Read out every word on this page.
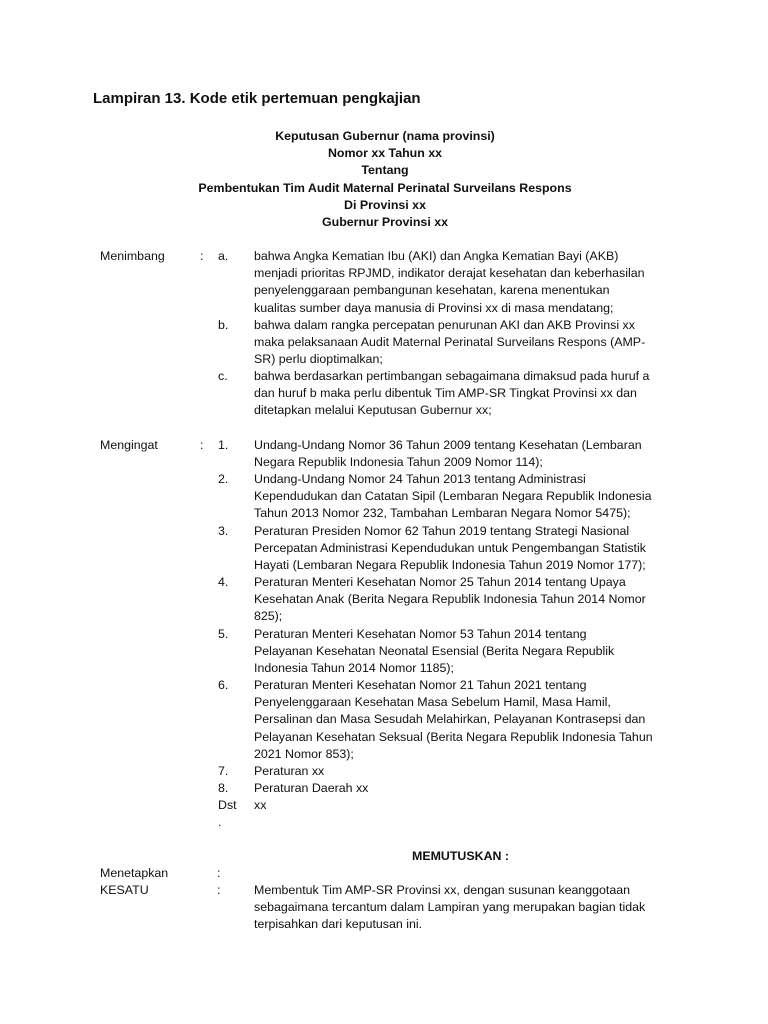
Lampiran 13. Kode etik pertemuan pengkajian
Keputusan Gubernur (nama provinsi)
Nomor xx Tahun xx
Tentang
Pembentukan Tim Audit Maternal Perinatal Surveilans Respons
Di Provinsi xx
Gubernur Provinsi xx
Menimbang	: a. bahwa Angka Kematian Ibu (AKI) dan Angka Kematian Bayi (AKB)
menjadi prioritas RPJMD, indikator derajat kesehatan dan keberhasilan
penyelenggaraan pembangunan kesehatan, karena menentukan
kualitas sumber daya manusia di Provinsi xx di masa mendatang;
b. bahwa dalam rangka percepatan penurunan AKI dan AKB Provinsi xx
maka pelaksanaan Audit Maternal Perinatal Surveilans Respons (AMP-
SR) perlu dioptimalkan;
c. bahwa berdasarkan pertimbangan sebagaimana dimaksud pada huruf a
dan huruf b maka perlu dibentuk Tim AMP-SR Tingkat Provinsi xx dan
ditetapkan melalui Keputusan Gubernur xx;
Mengingat	: 1. Undang-Undang Nomor 36 Tahun 2009 tentang Kesehatan (Lembaran
Negara Republik Indonesia Tahun 2009 Nomor 114);
2. Undang-Undang Nomor 24 Tahun 2013 tentang Administrasi
Kependudukan dan Catatan Sipil (Lembaran Negara Republik Indonesia
Tahun 2013 Nomor 232, Tambahan Lembaran Negara Nomor 5475);
3. Peraturan Presiden Nomor 62 Tahun 2019 tentang Strategi Nasional
Percepatan Administrasi Kependudukan untuk Pengembangan Statistik
Hayati (Lembaran Negara Republik Indonesia Tahun 2019 Nomor 177);
4. Peraturan Menteri Kesehatan Nomor 25 Tahun 2014 tentang Upaya
Kesehatan Anak (Berita Negara Republik Indonesia Tahun 2014 Nomor
825);
5. Peraturan Menteri Kesehatan Nomor 53 Tahun 2014 tentang
Pelayanan Kesehatan Neonatal Esensial (Berita Negara Republik
Indonesia Tahun 2014 Nomor 1185);
6. Peraturan Menteri Kesehatan Nomor 21 Tahun 2021 tentang
Penyelenggaraan Kesehatan Masa Sebelum Hamil, Masa Hamil,
Persalinan dan Masa Sesudah Melahirkan, Pelayanan Kontrasepsi dan
Pelayanan Kesehatan Seksual (Berita Negara Republik Indonesia Tahun
2021 Nomor 853);
7. Peraturan xx
8. Peraturan Daerah xx
Dst xx
.
MEMUTUSKAN :
Menetapkan	:
KESATU	:	Membentuk Tim AMP-SR Provinsi xx, dengan susunan keanggotaan
sebagaimana tercantum dalam Lampiran yang merupakan bagian tidak
terpisahkan dari keputusan ini.
